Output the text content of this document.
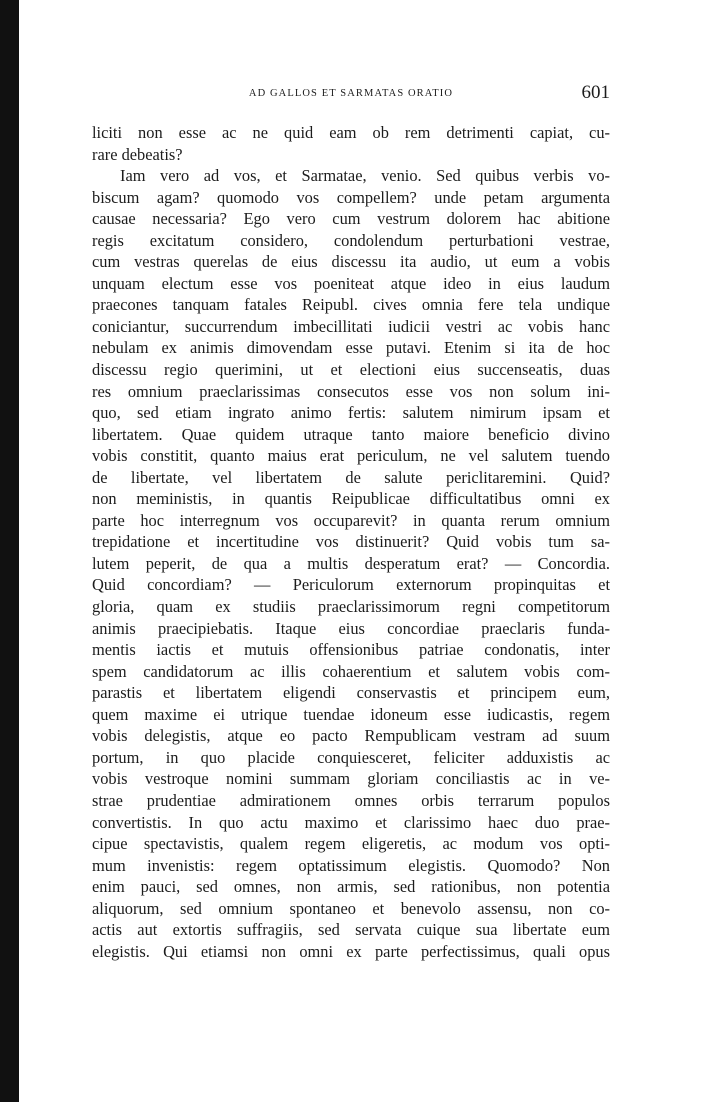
AD GALLOS ET SARMATAS ORATIO	601
liciti non esse ac ne quid eam ob rem detrimenti capiat, cu-
rare debeatis?
Iam vero ad vos, et Sarmatae, venio. Sed quibus verbis vo-
biscum agam? quomodo vos compellem? unde petam argumenta
causae necessaria? Ego vero cum vestrum dolorem hac abitione
regis excitatum considero, condolendum perturbationi vestrae,
cum vestras querelas de eius discessu ita audio, ut eum a vobis
unquam electum esse vos poeniteat atque ideo in eius laudum
praecones tanquam fatales Reipubl. cives omnia fere tela undique
coniciantur, succurrendum imbecillitati iudicii vestri ac vobis hanc
nebulam ex animis dimovendam esse putavi. Etenim si ita de hoc
discessu regio querimini, ut et electioni eius succenseatis, duas
res omnium praeclarissimas consecutos esse vos non solum ini-
quo, sed etiam ingrato animo fertis: salutem nimirum ipsam et
libertatem. Quae quidem utraque tanto maiore beneficio divino
vobis constitit, quanto maius erat periculum, ne vel salutem tuendo
de libertate, vel libertatem de salute periclitaremini. Quid?
non meministis, in quantis Reipublicae difficultatibus omni ex
parte hoc interregnum vos occuparevit? in quanta rerum omnium
trepidatione et incertitudine vos distinuerit? Quid vobis tum sa-
lutem peperit, de qua a multis desperatum erat? — Concordia.
Quid concordiam? — Periculorum externorum propinquitas et
gloria, quam ex studiis praeclarissimorum regni competitorum
animis praecipiebatis. Itaque eius concordiae praeclaris funda-
mentis iactis et mutuis offensionibus patriae condonatis, inter
spem candidatorum ac illis cohaerentium et salutem vobis com-
parastis et libertatem eligendi conservastis et principem eum,
quem maxime ei utrique tuendae idoneum esse iudicastis, regem
vobis delegistis, atque eo pacto Rempublicam vestram ad suum
portum, in quo placide conquiesceret, feliciter adduxistis ac
vobis vestroque nomini summam gloriam conciliastis ac in ve-
strae prudentiae admirationem omnes orbis terrarum populos
convertistis. In quo actu maximo et clarissimo haec duo prae-
cipue spectavistis, qualem regem eligeretis, ac modum vos opti-
mum invenistis: regem optatissimum elegistis. Quomodo? Non
enim pauci, sed omnes, non armis, sed rationibus, non potentia
aliquorum, sed omnium spontaneo et benevolo assensu, non co-
actis aut extortis suffragiis, sed servata cuique sua libertate eum
elegistis. Qui etiamsi non omni ex parte perfectissimus, quali opus
